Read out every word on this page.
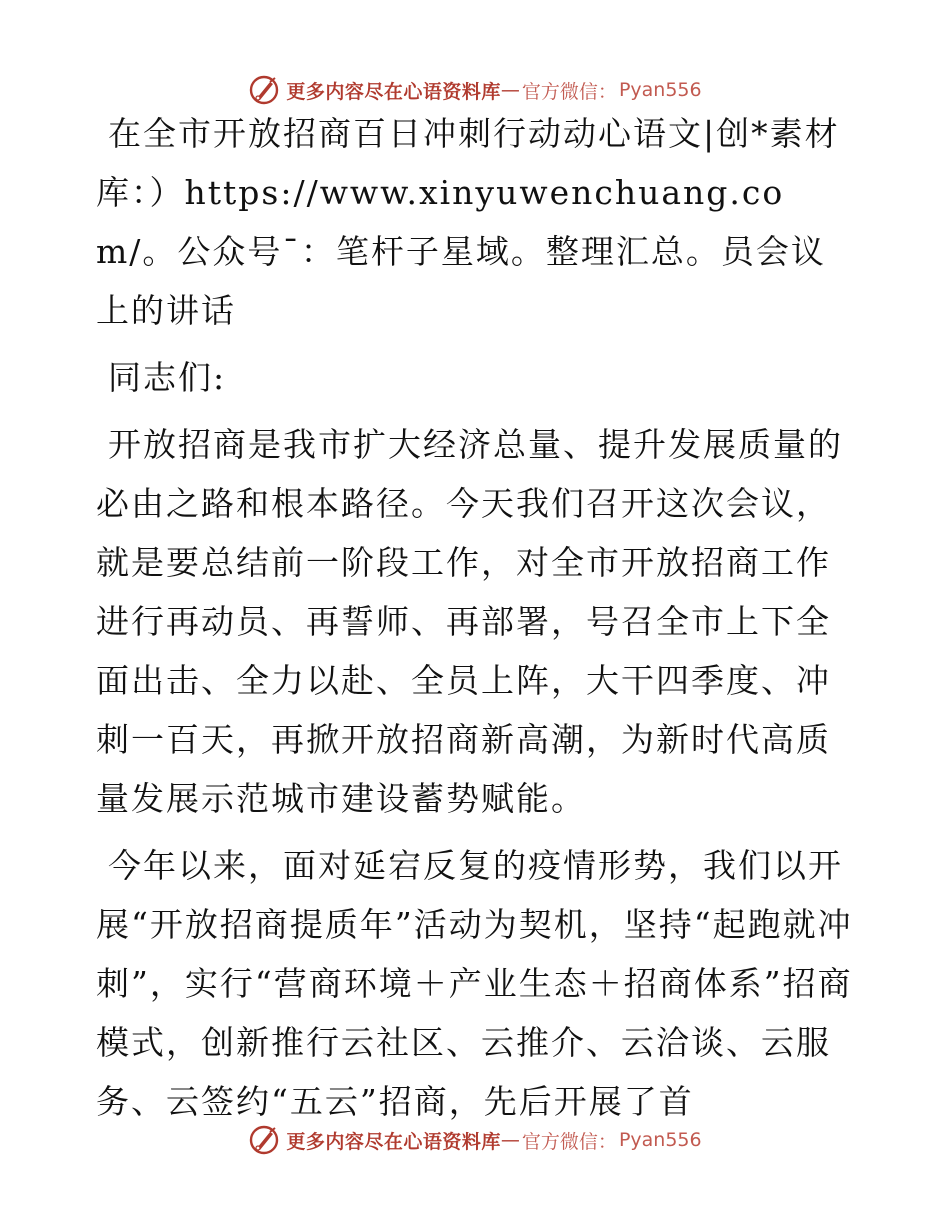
更多内容尽在心语资料库 — 官方微信： Pyan556

在全市开放招商百日冲刺行动动心语文|创*素材库：）https://www.xinyuwenchuang.com/。公众号¯：笔杆子星域。整理汇总。员会议上的讲话

同志们:

开放招商是我市扩大经济总量、提升发展质量的必由之路和根本路径。今天我们召开这次会议，就是要总结前一阶段工作，对全市开放招商工作进行再动员、再誓师、再部署，号召全市上下全面出击、全力以赴、全员上阵，大干四季度、冲刺一百天，再掀开放招商新高潮，为新时代高质量发展示范城市建设蓄势赋能。

今年以来，面对延宕反复的疫情形势，我们以开展“开放招商提质年”活动为契机，坚持“起跑就冲刺”，实行“营商环境＋产业生态＋招商体系”招商模式，创新推行云社区、云推介、云洽谈、云服务、云签约“五云”招商，先后开展了首

更多内容尽在心语资料库 — 官方微信： Pyan556
